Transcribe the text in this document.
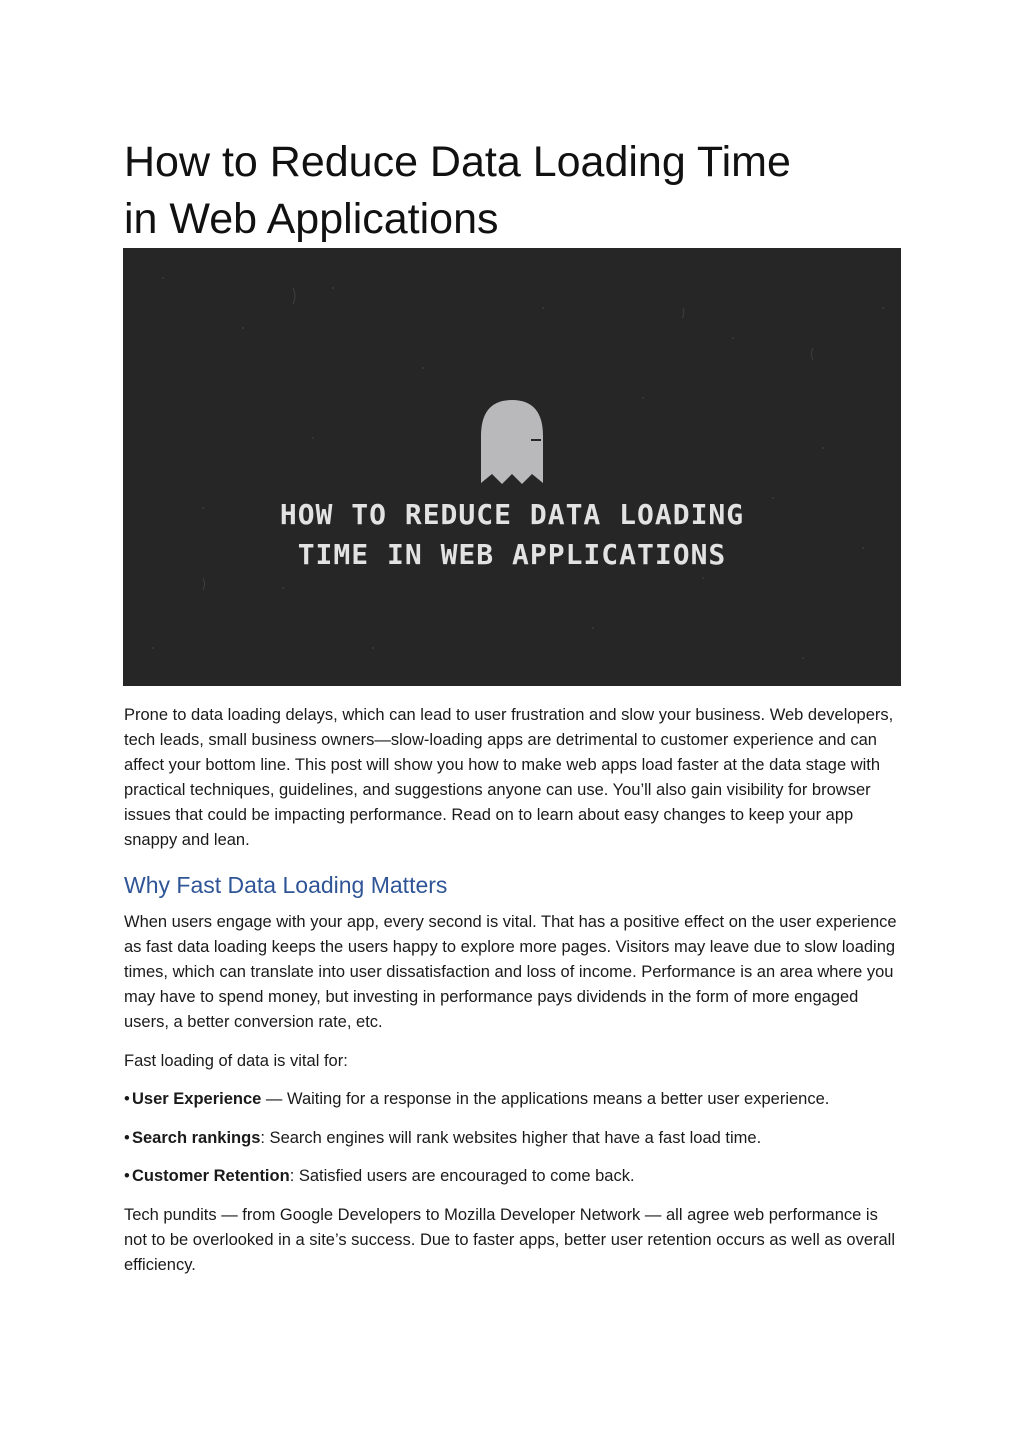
How to Reduce Data Loading Time
in Web Applications
HOW TO REDUCE DATA LOADING
TIME IN WEB APPLICATIONS

Prone to data loading delays, which can lead to user frustration and slow your business. Web developers, tech leads, small business owners—slow-loading apps are detrimental to customer experience and can affect your bottom line. This post will show you how to make web apps load faster at the data stage with practical techniques, guidelines, and suggestions anyone can use. You’ll also gain visibility for browser issues that could be impacting performance. Read on to learn about easy changes to keep your app snappy and lean.

Why Fast Data Loading Matters

When users engage with your app, every second is vital. That has a positive effect on the user experience as fast data loading keeps the users happy to explore more pages. Visitors may leave due to slow loading times, which can translate into user dissatisfaction and loss of income. Performance is an area where you may have to spend money, but investing in performance pays dividends in the form of more engaged users, a better conversion rate, etc.

Fast loading of data is vital for:

• User Experience — Waiting for a response in the applications means a better user experience.

• Search rankings: Search engines will rank websites higher that have a fast load time.

• Customer Retention: Satisfied users are encouraged to come back.

Tech pundits — from Google Developers to Mozilla Developer Network — all agree web performance is not to be overlooked in a site’s success. Due to faster apps, better user retention occurs as well as overall efficiency.
